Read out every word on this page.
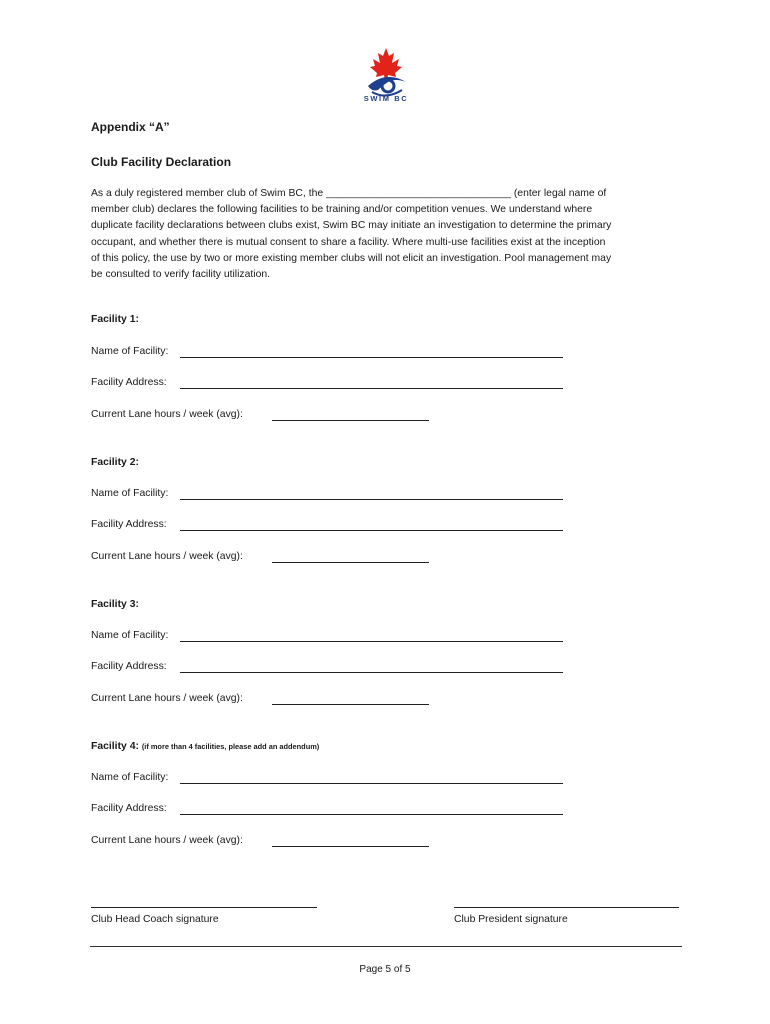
SWIM BC
Appendix “A”
Club Facility Declaration
As a duly registered member club of Swim BC, the ________________________________ (enter legal name of
member club) declares the following facilities to be training and/or competition venues. We understand where
duplicate facility declarations between clubs exist, Swim BC may initiate an investigation to determine the primary
occupant, and whether there is mutual consent to share a facility. Where multi-use facilities exist at the inception
of this policy, the use by two or more existing member clubs will not elicit an investigation. Pool management may
be consulted to verify facility utilization.
Facility 1:
Name of Facility:
Facility Address:
Current Lane hours / week (avg):
Facility 2:
Name of Facility:
Facility Address:
Current Lane hours / week (avg):
Facility 3:
Name of Facility:
Facility Address:
Current Lane hours / week (avg):
Facility 4: (if more than 4 facilities, please add an addendum)
Name of Facility:
Facility Address:
Current Lane hours / week (avg):
Club Head Coach signature	Club President signature
Page 5 of 5
